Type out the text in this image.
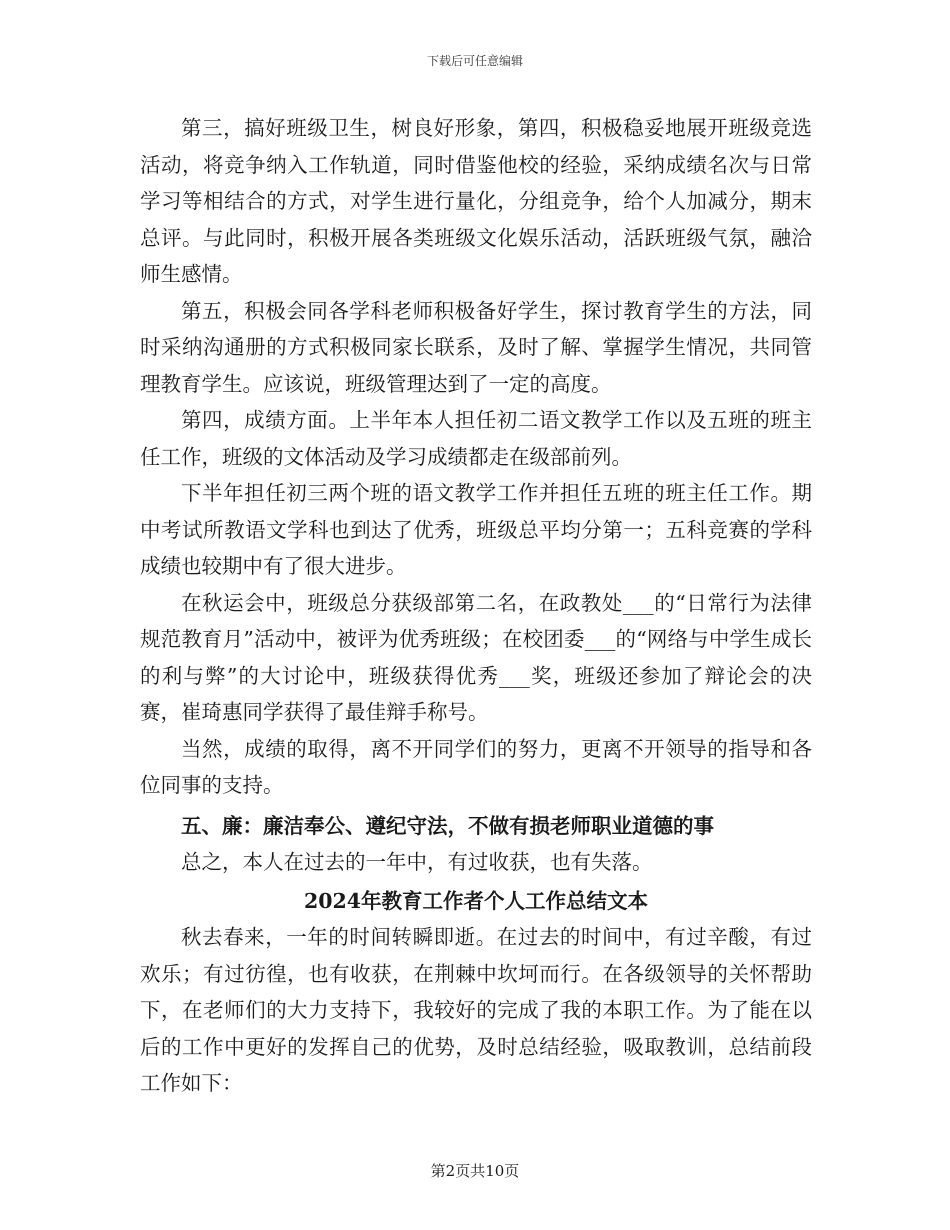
下载后可任意编辑

第三，搞好班级卫生，树良好形象，第四，积极稳妥地展开班级竞选活动，将竞争纳入工作轨道，同时借鉴他校的经验，采纳成绩名次与日常学习等相结合的方式，对学生进行量化，分组竞争，给个人加减分，期末总评。与此同时，积极开展各类班级文化娱乐活动，活跃班级气氛，融洽师生感情。

第五，积极会同各学科老师积极备好学生，探讨教育学生的方法，同时采纳沟通册的方式积极同家长联系，及时了解、掌握学生情况，共同管理教育学生。应该说，班级管理达到了一定的高度。

第四，成绩方面。上半年本人担任初二语文教学工作以及五班的班主任工作，班级的文体活动及学习成绩都走在级部前列。

下半年担任初三两个班的语文教学工作并担任五班的班主任工作。期中考试所教语文学科也到达了优秀，班级总平均分第一；五科竞赛的学科成绩也较期中有了很大进步。

在秋运会中，班级总分获级部第二名，在政教处___的“日常行为法律规范教育月”活动中，被评为优秀班级；在校团委___的“网络与中学生成长的利与弊”的大讨论中，班级获得优秀___奖，班级还参加了辩论会的决赛，崔琦惠同学获得了最佳辩手称号。

当然，成绩的取得，离不开同学们的努力，更离不开领导的指导和各位同事的支持。

五、廉：廉洁奉公、遵纪守法，不做有损老师职业道德的事

总之，本人在过去的一年中，有过收获，也有失落。

2024年教育工作者个人工作总结文本

秋去春来，一年的时间转瞬即逝。在过去的时间中，有过辛酸，有过欢乐；有过彷徨，也有收获，在荆棘中坎坷而行。在各级领导的关怀帮助下，在老师们的大力支持下，我较好的完成了我的本职工作。为了能在以后的工作中更好的发挥自己的优势，及时总结经验，吸取教训，总结前段工作如下：

第2页共10页
